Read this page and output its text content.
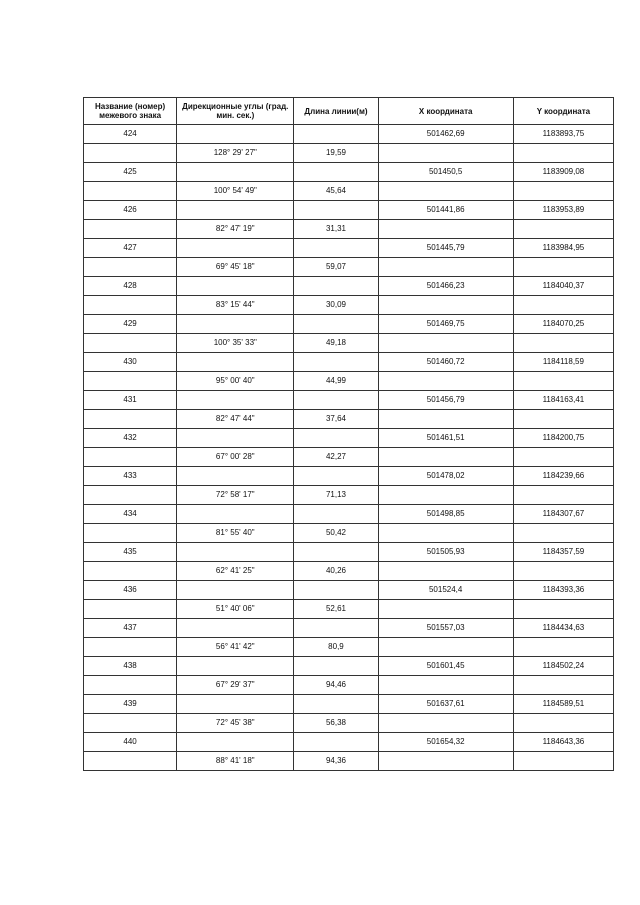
Название (номер) межевого знака	Дирекционные углы (град. мин. сек.)	Длина линии(м)	X координата	Y координата
424			501462,69	1183893,75
	128° 29' 27"	19,59		
425			501450,5	1183909,08
	100° 54' 49"	45,64		
426			501441,86	1183953,89
	82° 47' 19"	31,31		
427			501445,79	1183984,95
	69° 45' 18"	59,07		
428			501466,23	1184040,37
	83° 15' 44"	30,09		
429			501469,75	1184070,25
	100° 35' 33"	49,18		
430			501460,72	1184118,59
	95° 00' 40"	44,99		
431			501456,79	1184163,41
	82° 47' 44"	37,64		
432			501461,51	1184200,75
	67° 00' 28"	42,27		
433			501478,02	1184239,66
	72° 58' 17"	71,13		
434			501498,85	1184307,67
	81° 55' 40"	50,42		
435			501505,93	1184357,59
	62° 41' 25"	40,26		
436			501524,4	1184393,36
	51° 40' 06"	52,61		
437			501557,03	1184434,63
	56° 41' 42"	80,9		
438			501601,45	1184502,24
	67° 29' 37"	94,46		
439			501637,61	1184589,51
	72° 45' 38"	56,38		
440			501654,32	1184643,36
	88° 41' 18"	94,36		
